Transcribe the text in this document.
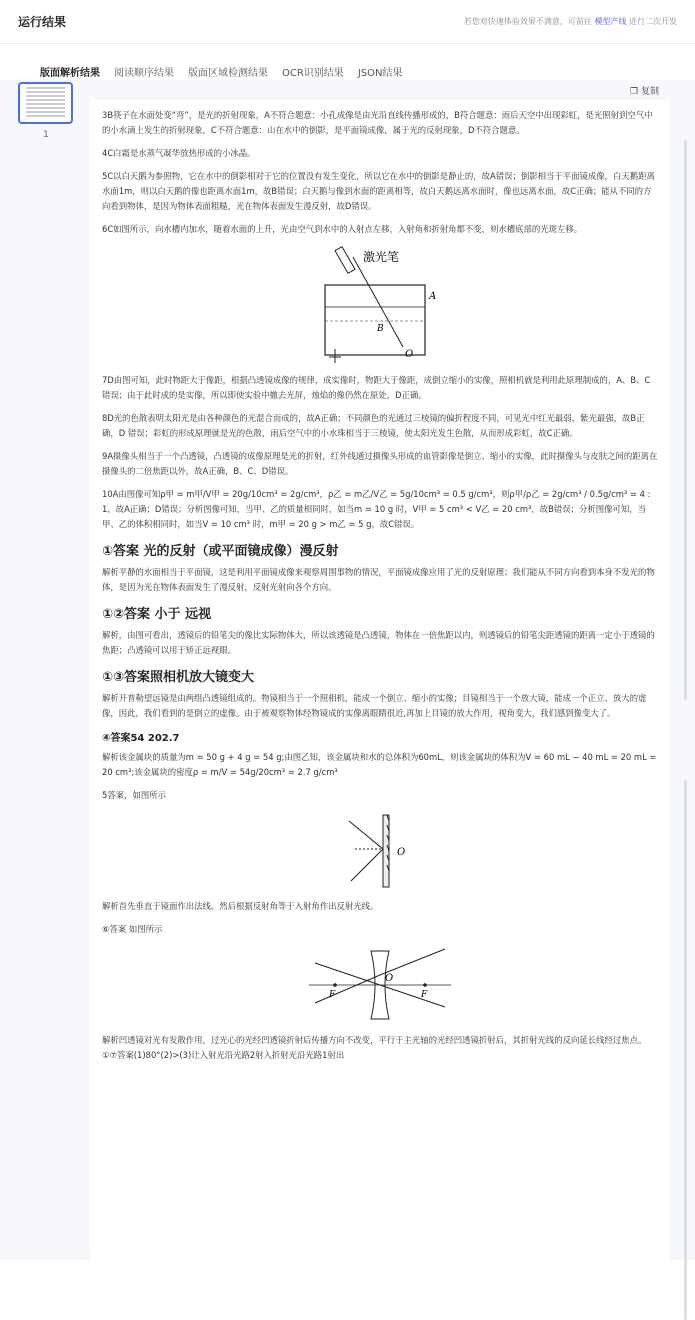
运行结果	若您对快速体验效果不满意，可前往 模型产线 进行二次开发
版面解析结果 阅读顺序结果 版面区域检测结果 OCR识别结果 JSON结果
1
❐ 复制

3B筷子在水面处变“弯”，是光的折射现象，A不符合题意：小孔成像是由光沿直线传播形成的，B符合题意：雨后天空中出现彩虹，是光照射到空气中的小水滴上发生的折射现象，C不符合题意：山在水中的倒影，是平面镜成像，属于光的反射现象，D不符合题意。

4C白霜是水蒸气凝华放热形成的小冰晶。

5C以白天鹅为参照物，它在水中的倒影相对于它的位置没有发生变化，所以它在水中的倒影是静止的，故A错误；倒影相当于平面镜成像，白天鹅距离水面1m，则以白天鹅的像也距离水面1m，故B错误；白天鹅与像到水面的距离相等，故白天鹅远离水面时，像也远离水面，故C正确；能从不同的方向看到物体，是因为物体表面粗糙，光在物体表面发生漫反射，故D错误。

6C如图所示，向水槽内加水，随着水面的上升，光由空气到水中的入射点左移，入射角和折射角都不变，则水槽底部的光斑左移。

激光笔
A
B
O

7D由图可知，此时物距大于像距，根据凸透镜成像的规律，成实像时，物距大于像距，成倒立缩小的实像，照相机就是利用此原理制成的，A、B、C错误；由于此时成的是实像，所以即使实验中撤去光屏，烛焰的像仍然在原处，D正确。

8D光的色散表明太阳光是由各种颜色的光混合而成的，故A正确；不同颜色的光通过三棱镜的偏折程度不同，可见光中红光最弱，紫光最强，故B正确，D 错误；彩虹的形成原理就是光的色散，雨后空气中的小水珠相当于三棱镜，使太阳光发生色散，从而形成彩虹，故C正确。

9A摄像头相当于一个凸透镜，凸透镜的成像原理是光的折射，红外线通过摄像头形成的血管影像是倒立、缩小的实像，此时摄像头与皮肤之间的距离在摄像头的二倍焦距以外，故A正确，B、C、D错误。

10A由图像可知ρ甲 = m甲/V甲 = 20g/10cm³ = 2g/cm³，ρ乙 = m乙/V乙 = 5g/10cm³ = 0.5 g/cm³，则ρ甲/ρ乙 = 2g/cm³ / 0.5g/cm³ = 4 : 1，故A正确；D错误；分析图像可知，当甲、乙的质量相同时，如当m = 10 g 时，V甲 = 5 cm³ < V乙 = 20 cm³，故B错误；分析图像可知，当甲、乙的体积相同时，如当V = 10 cm³ 时，m甲 = 20 g > m乙 = 5 g，故C错误。

①答案 光的反射（或平面镜成像）漫反射

解析平静的水面相当于平面镜，这是利用平面镜成像来观察周围事物的情况，平面镜成像应用了光的反射原理；我们能从不同方向看到本身不发光的物体，是因为光在物体表面发生了漫反射，反射光射向各个方向。

①②答案 小于 远视

解析，由图可看出，透镜后的铅笔尖的像比实际物体大，所以该透镜是凸透镜，物体在一倍焦距以内，则透镜后的铅笔尖距透镜的距离一定小于透镜的焦距；凸透镜可以用于矫正远视眼。

①③答案照相机放大镜变大

解析开普勒望远镜是由两组凸透镜组成的。物镜相当于一个照相机，能成一个倒立、缩小的实像；目镜相当于一个放大镜，能成一个正立、放大的虚像，因此，我们看到的是倒立的虚像。由于被观察物体经物镜成的实像离眼睛很近,再加上目镜的放大作用，视角变大，我们感到像变大了。

④答案54 202.7

解析该金属块的质量为m = 50 g + 4 g = 54 g;由图乙知，该金属块和水的总体积为60mL，则该金属块的体积为V = 60 mL − 40 mL = 20 mL = 20 cm³;该金属块的密度ρ = m/V = 54g/20cm³ = 2.7 g/cm³

5答案，如图所示

O

解析首先垂直于镜面作出法线。然后根据反射角等于入射角作出反射光线。

⑥答案 如图所示

O
F	F

解析凹透镜对光有发散作用，过光心的光经凹透镜折射后传播方向不改变，平行于主光轴的光经凹透镜折射后，其折射光线的反向延长线经过焦点。①⑦答案(1)80°(2)>(3)让入射光沿光路2射入折射光沿光路1射出
